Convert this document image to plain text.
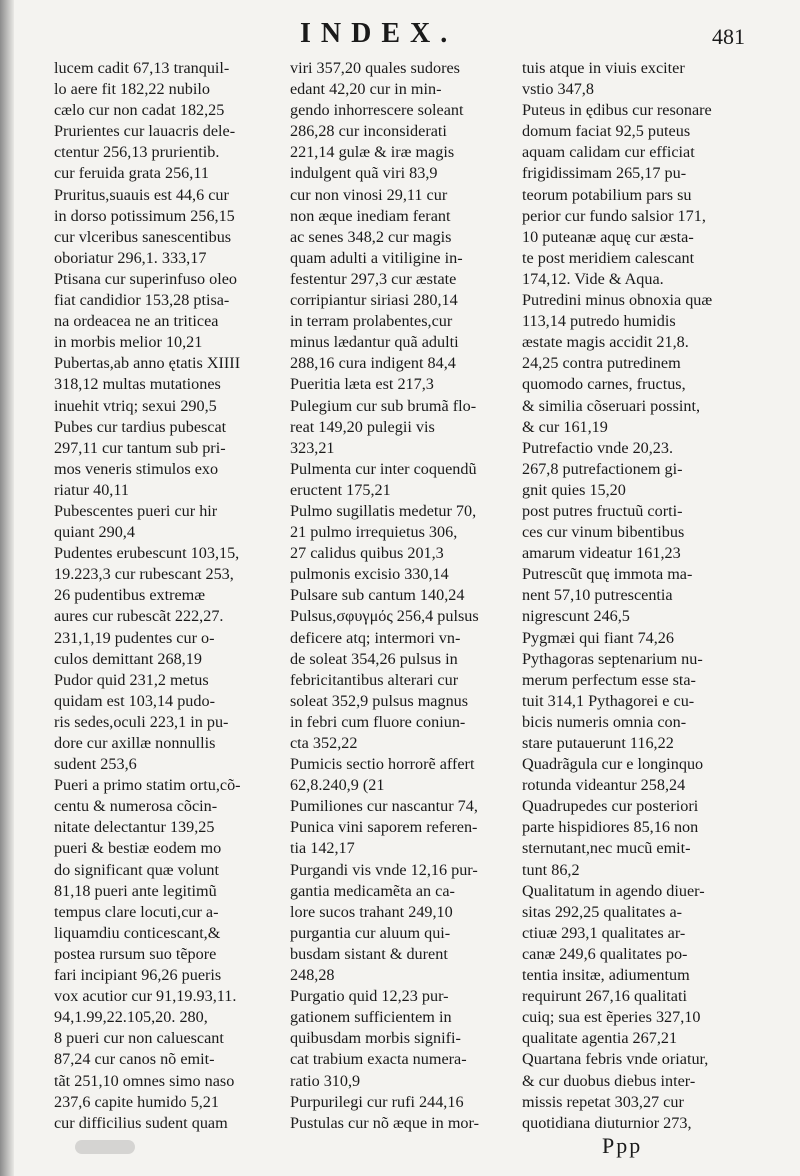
INDEX.	481
lucem cadit 67,13 tranquil-
lo aere fit 182,22 nubilo
cælo cur non cadat 182,25
Prurientes cur lauacris dele-
ctentur 256,13 prurientib.
cur feruida grata 256,11
Pruritus,suauis est 44,6 cur
in dorso potissimum 256,15
cur vlceribus sanescentibus
oboriatur 296,1. 333,17
Ptisana cur superinfuso oleo
fiat candidior 153,28 ptisa-
na ordeacea ne an triticea
in morbis melior 10,21
Pubertas,ab anno ętatis XIIII
318,12 multas mutationes
inuehit vtriq; sexui 290,5
Pubes cur tardius pubescat
297,11 cur tantum sub pri-
mos veneris stimulos exo
riatur 40,11
Pubescentes pueri cur hir
quiant 290,4
Pudentes erubescunt 103,15,
19.223,3 cur rubescant 253,
26 pudentibus extremæ
aures cur rubescãt 222,27.
231,1,19 pudentes cur o-
culos demittant 268,19
Pudor quid 231,2 metus
quidam est 103,14 pudo-
ris sedes,oculi 223,1 in pu-
dore cur axillæ nonnullis
sudent 253,6
Pueri a primo statim ortu,cõ-
centu & numerosa cõcin-
nitate delectantur 139,25
pueri & bestiæ eodem mo
do significant quæ volunt
81,18 pueri ante legitimũ
tempus clare locuti,cur a-
liquamdiu conticescant,&
postea rursum suo tẽpore
fari incipiant 96,26 pueris
vox acutior cur 91,19.93,11.
94,1.99,22.105,20. 280,
8 pueri cur non caluescant
87,24 cur canos nõ emit-
tãt 251,10 omnes simo naso
237,6 capite humido 5,21
cur difficilius sudent quam
viri 357,20 quales sudores
edant 42,20 cur in min-
gendo inhorrescere soleant
286,28 cur inconsiderati
221,14 gulæ & iræ magis
indulgent quã viri 83,9
cur non vinosi 29,11 cur
non æque inediam ferant
ac senes 348,2 cur magis
quam adulti a vitiligine in-
festentur 297,3 cur æstate
corripiantur siriasi 280,14
in terram prolabentes,cur
minus lædantur quã adulti
288,16 cura indigent 84,4
Pueritia læta est 217,3
Pulegium cur sub brumã flo-
reat 149,20 pulegii vis
323,21
Pulmenta cur inter coquendũ
eructent 175,21
Pulmo sugillatis medetur 70,
21 pulmo irrequietus 306,
27 calidus quibus 201,3
pulmonis excisio 330,14
Pulsare sub cantum 140,24
Pulsus,σφυγμός 256,4 pulsus
deficere atq; intermori vn-
de soleat 354,26 pulsus in
febricitantibus alterari cur
soleat 352,9 pulsus magnus
in febri cum fluore coniun-
cta 352,22
Pumicis sectio horrorẽ affert
62,8.240,9 (21
Pumiliones cur nascantur 74,
Punica vini saporem referen-
tia 142,17
Purgandi vis vnde 12,16 pur-
gantia medicamẽta an ca-
lore sucos trahant 249,10
purgantia cur aluum qui-
busdam sistant & durent
248,28
Purgatio quid 12,23 pur-
gationem sufficientem in
quibusdam morbis signifi-
cat trabium exacta numera-
ratio 310,9
Purpurilegi cur rufi 244,16
Pustulas cur nõ æque in mor-
tuis atque in viuis exciter
vstio 347,8
Puteus in ędibus cur resonare
domum faciat 92,5 puteus
aquam calidam cur efficiat
frigidissimam 265,17 pu-
teorum potabilium pars su
perior cur fundo salsior 171,
10 puteanæ aquę cur æsta-
te post meridiem calescant
174,12. Vide & Aqua.
Putredini minus obnoxia quæ
113,14 putredo humidis
æstate magis accidit 21,8.
24,25 contra putredinem
quomodo carnes, fructus,
& similia cõseruari possint,
& cur 161,19
Putrefactio vnde 20,23.
267,8 putrefactionem gi-
gnit quies 15,20
post putres fructuũ corti-
ces cur vinum bibentibus
amarum videatur 161,23
Putrescũt quę immota ma-
nent 57,10 putrescentia
nigrescunt 246,5
Pygmæi qui fiant 74,26
Pythagoras septenarium nu-
merum perfectum esse sta-
tuit 314,1 Pythagorei e cu-
bicis numeris omnia con-
stare putauerunt 116,22
Quadrãgula cur e longinquo
rotunda videantur 258,24
Quadrupedes cur posteriori
parte hispidiores 85,16 non
sternutant,nec mucũ emit-
tunt 86,2
Qualitatum in agendo diuer-
sitas 292,25 qualitates a-
ctiuæ 293,1 qualitates ar-
canæ 249,6 qualitates po-
tentia insitæ, adiumentum
requirunt 267,16 qualitati
cuiq; sua est ẽperies 327,10
qualitate agentia 267,21
Quartana febris vnde oriatur,
& cur duobus diebus inter-
missis repetat 303,27 cur
quotidiana diuturnior 273,
Ppp
